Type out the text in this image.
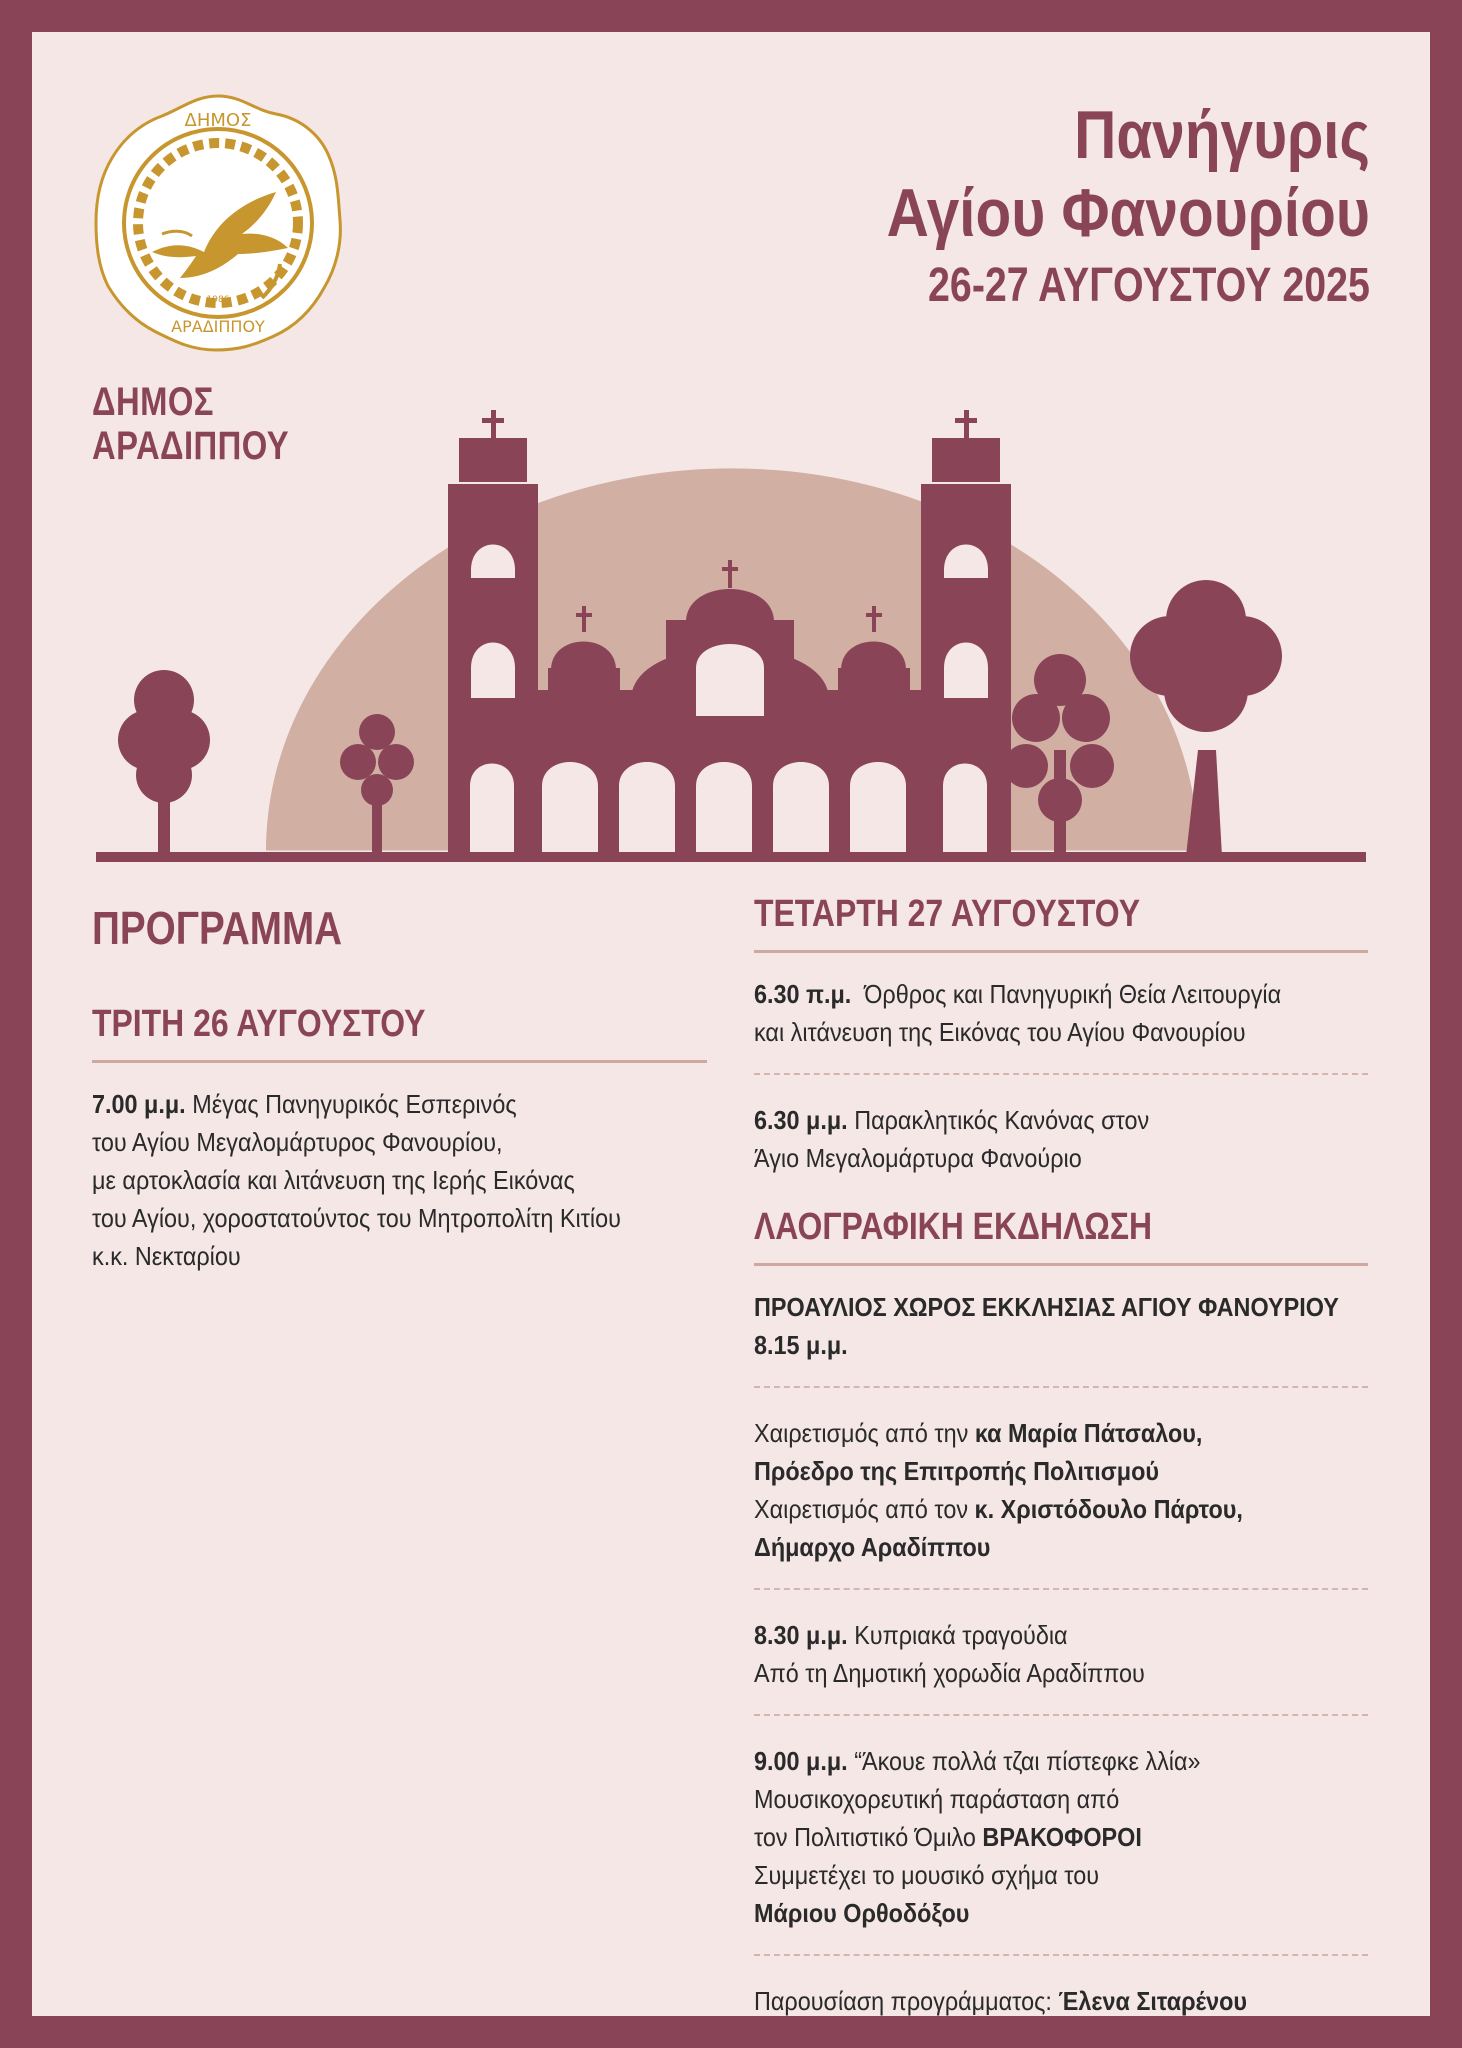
ΔΗΜΟΣ
1986
ΑΡΑΔΙΠΠΟΥ
ΔΗΜΟΣ
ΑΡΑΔΙΠΠΟΥ
Πανήγυρις
Αγίου Φανουρίου
26-27 ΑΥΓΟΥΣΤΟΥ 2025
ΠΡΟΓΡΑΜΜΑ
ΤΡΙΤΗ 26 ΑΥΓΟΥΣΤΟΥ
7.00 μ.μ. Μέγας Πανηγυρικός Εσπερινός
του Αγίου Μεγαλομάρτυρος Φανουρίου,
με αρτοκλασία και λιτάνευση της Ιερής Εικόνας
του Αγίου, χοροστατούντος του Μητροπολίτη Κιτίου
κ.κ. Νεκταρίου
ΤΕΤΑΡΤΗ 27 ΑΥΓΟΥΣΤΟΥ
6.30 π.μ. Όρθρος και Πανηγυρική Θεία Λειτουργία
και λιτάνευση της Εικόνας του Αγίου Φανουρίου
6.30 μ.μ. Παρακλητικός Κανόνας στον
Άγιο Μεγαλομάρτυρα Φανούριο
ΛΑΟΓΡΑΦΙΚΗ ΕΚΔΗΛΩΣΗ
ΠΡΟΑΥΛΙΟΣ ΧΩΡΟΣ ΕΚΚΛΗΣΙΑΣ ΑΓΙΟΥ ΦΑΝΟΥΡΙΟΥ
8.15 μ.μ.
Χαιρετισμός από την κα Μαρία Πάτσαλου,
Πρόεδρο της Επιτροπής Πολιτισμού
Χαιρετισμός από τον κ. Χριστόδουλο Πάρτου,
Δήμαρχο Αραδίππου
8.30 μ.μ. Κυπριακά τραγούδια
Από τη Δημοτική χορωδία Αραδίππου
9.00 μ.μ. “Άκουε πολλά τζαι πίστεφκε λλία»
Μουσικοχορευτική παράσταση από
τον Πολιτιστικό Όμιλο ΒΡΑΚΟΦΟΡΟΙ
Συμμετέχει το μουσικό σχήμα του
Μάριου Ορθοδόξου
Παρουσίαση προγράμματος: Έλενα Σιταρένου
